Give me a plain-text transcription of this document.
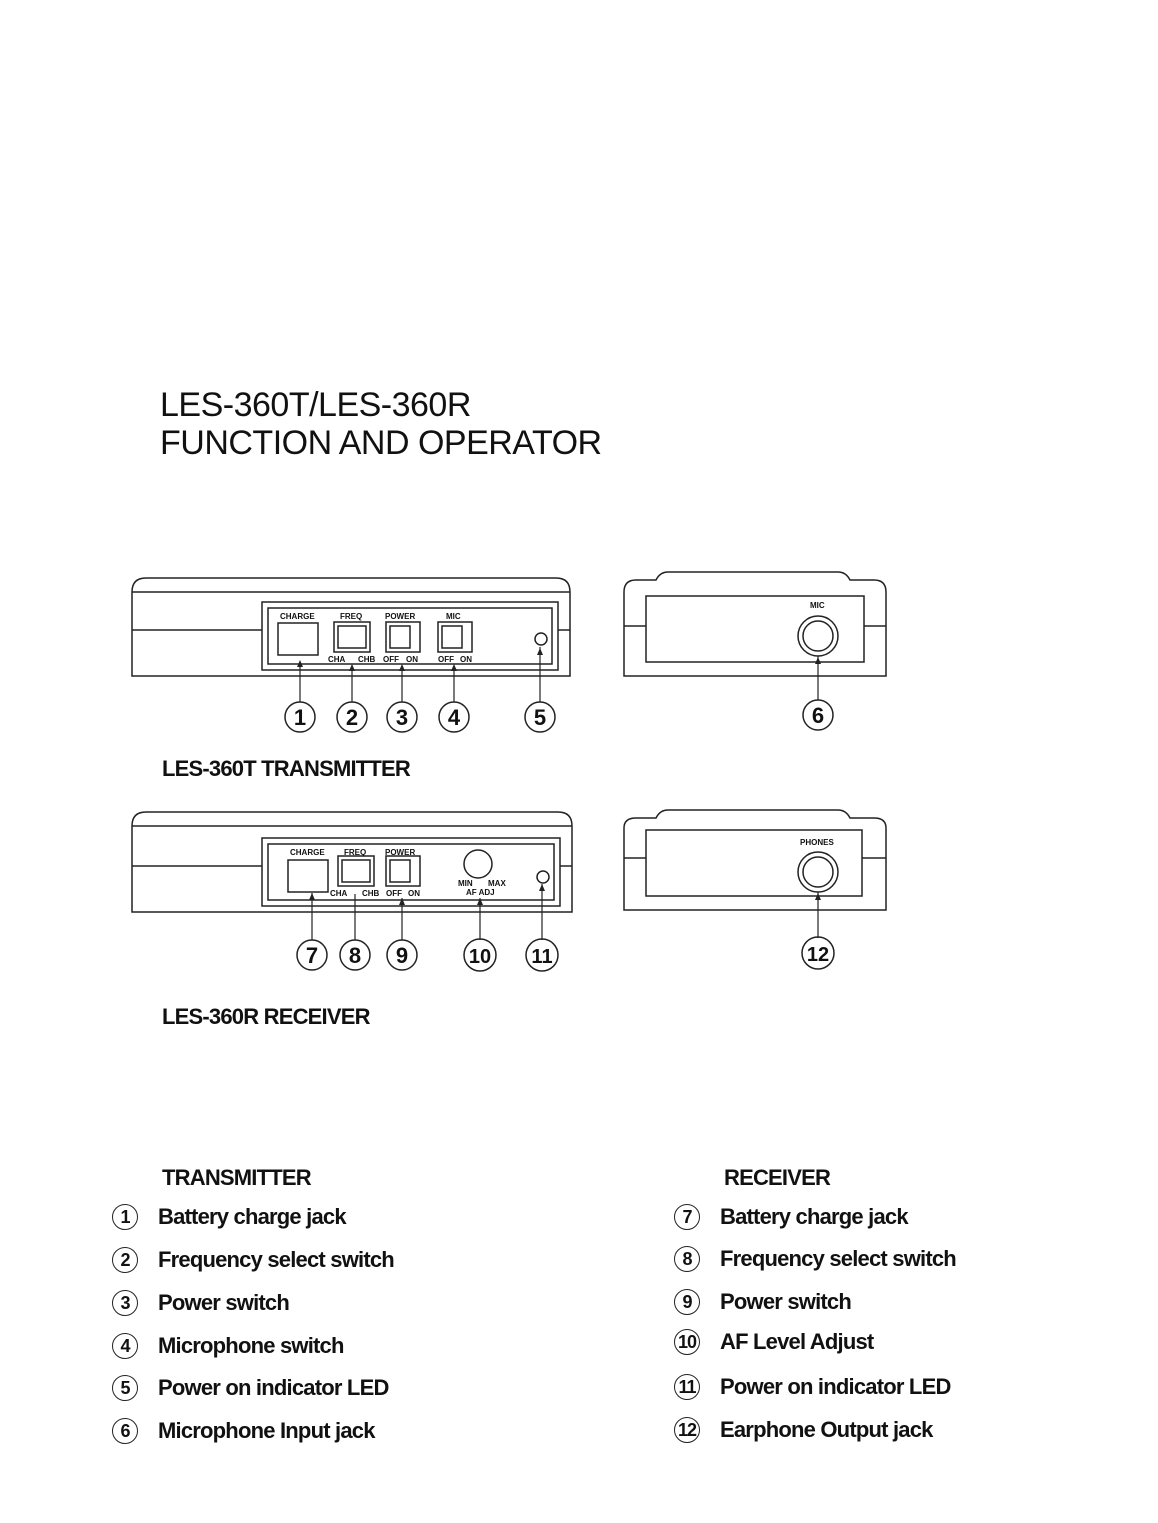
LES-360T/LES-360R
FUNCTION AND OPERATOR
CHARGE	FREQ	POWER	MIC
CHA CHB OFF ON	OFF ON
MIC
1 2 3 4	5	6
CHARGE FREQ POWER
CHA CHB OFF ON
MIN MAX
AF ADJ
PHONES
7 8 9	10 11	12
LES-360T TRANSMITTER
LES-360R RECEIVER
TRANSMITTER
1	Battery charge jack
2	Frequency select switch
3	Power switch
4	Microphone switch
5	Power on indicator LED
6	Microphone Input jack
RECEIVER
7	Battery charge jack
8	Frequency select switch
9	Power switch
10 AF Level Adjust
11 Power on indicator LED
12 Earphone Output jack
